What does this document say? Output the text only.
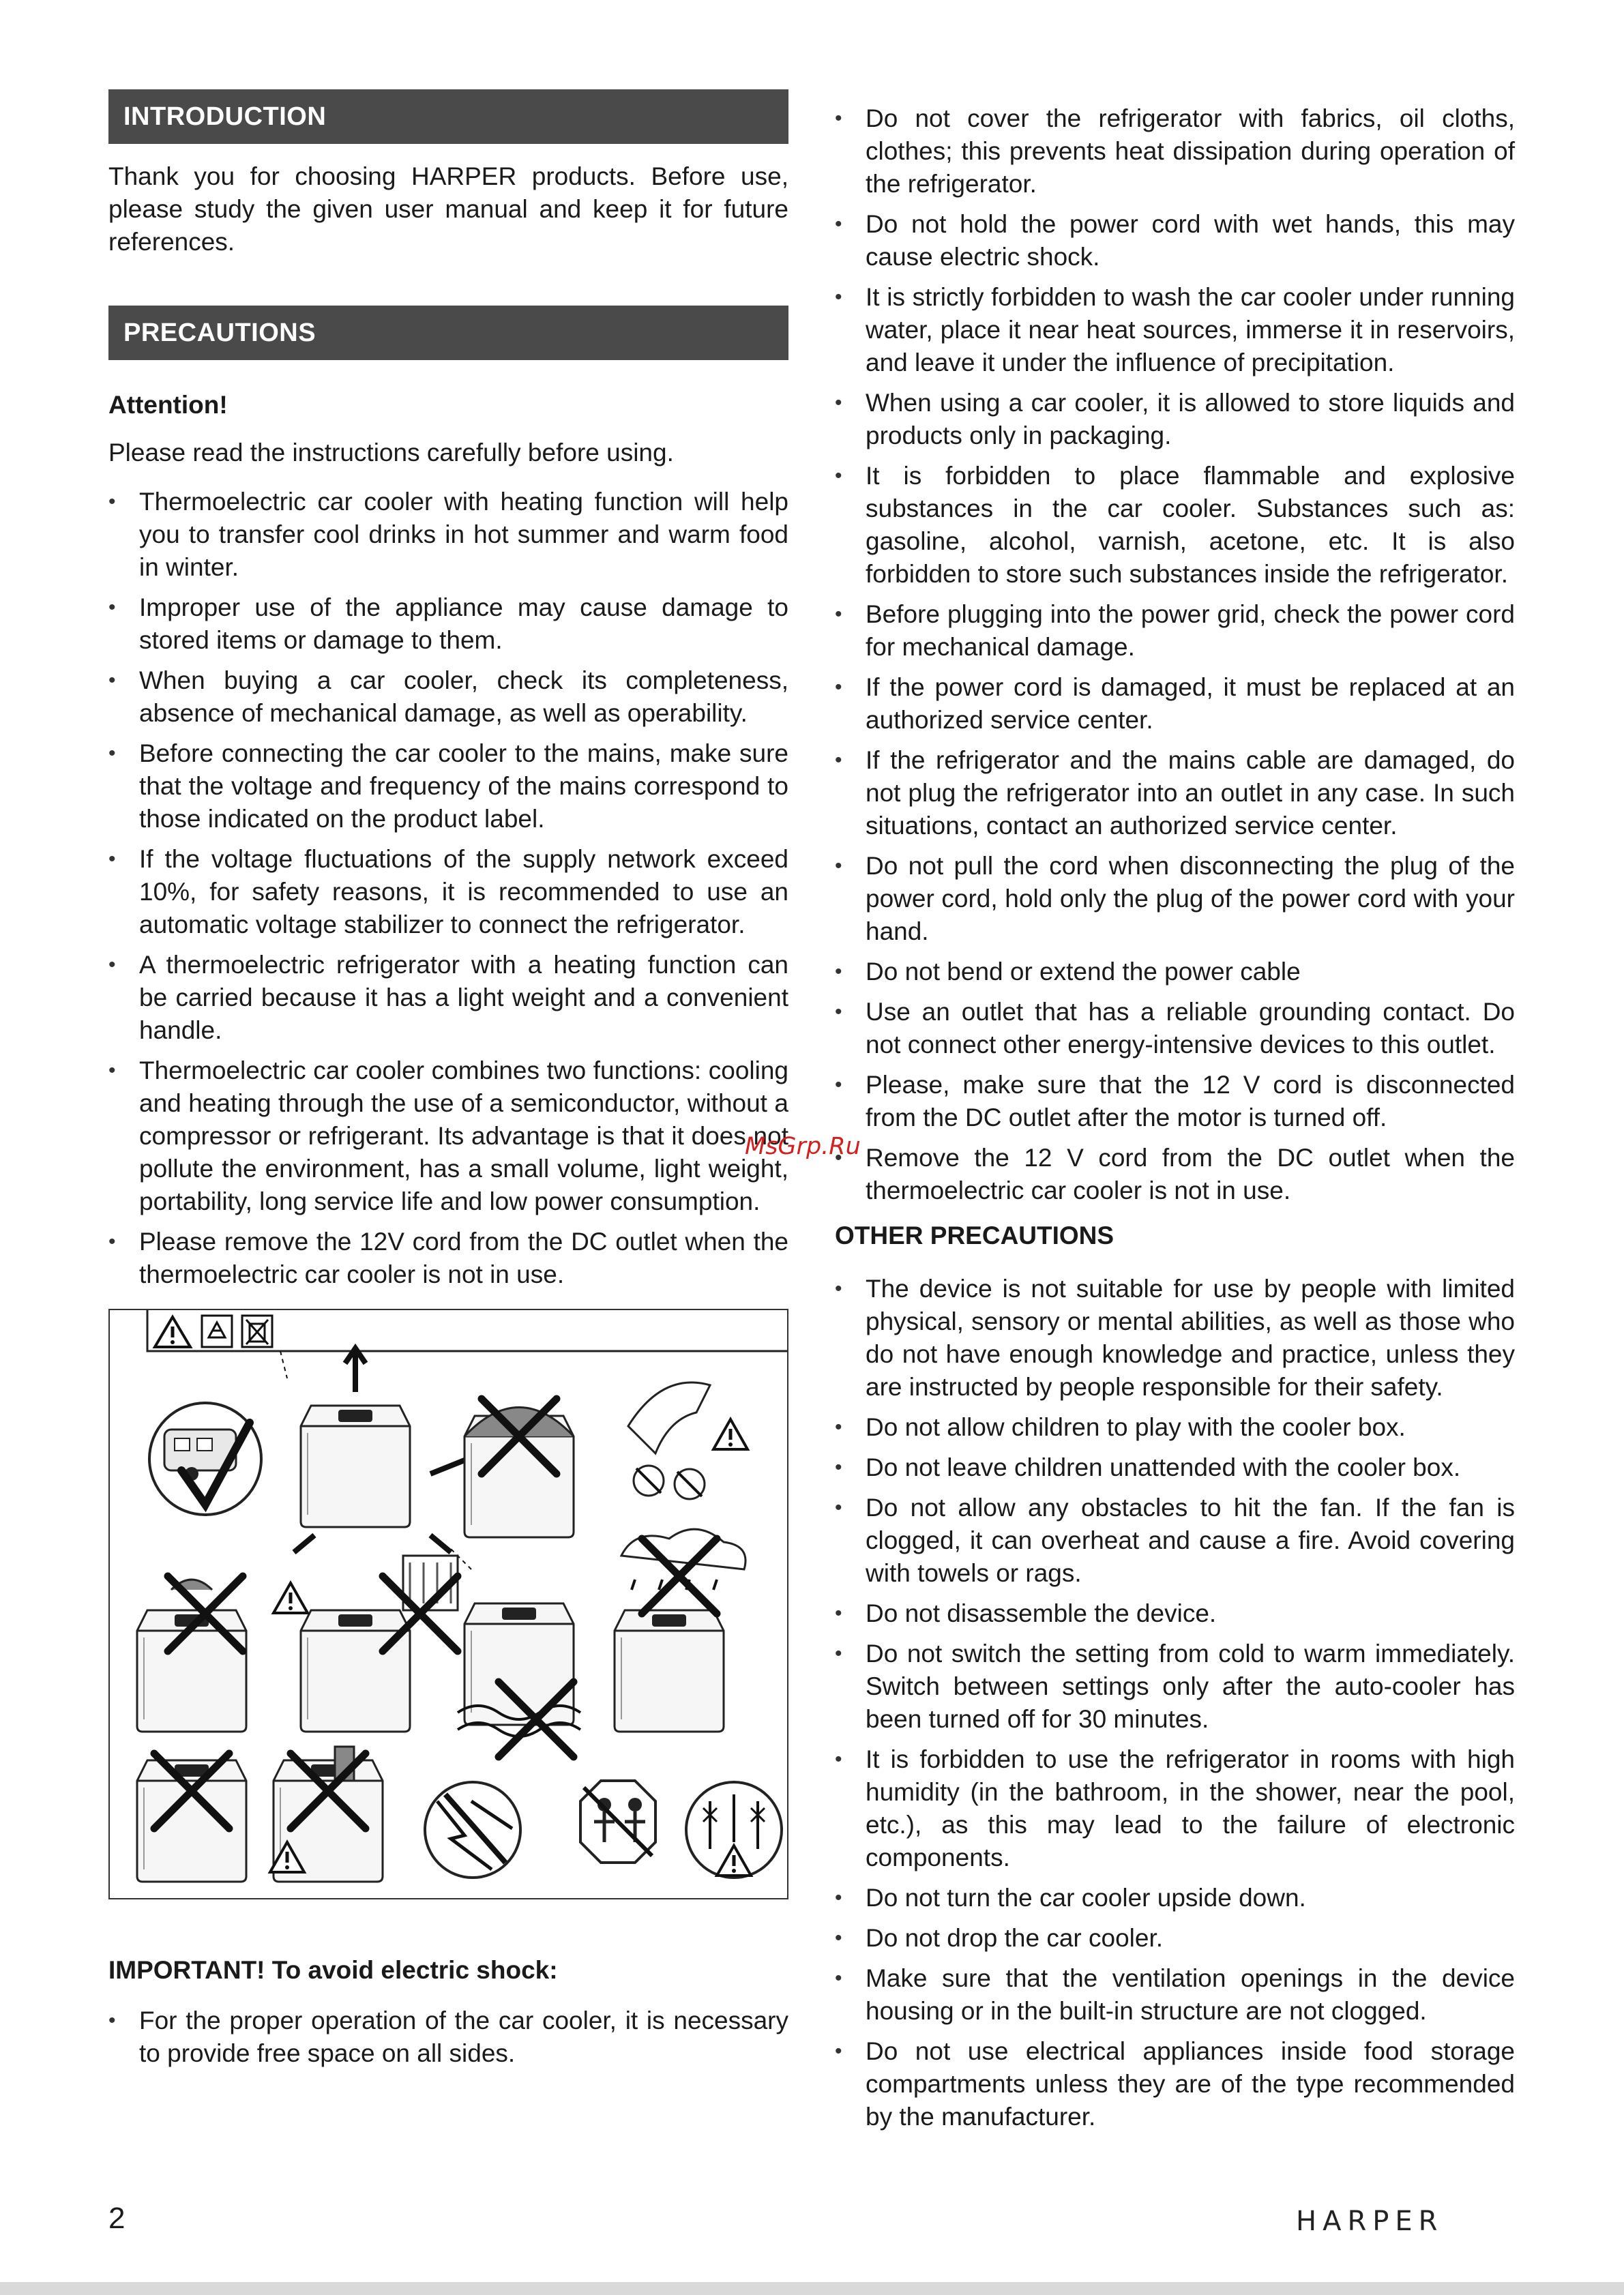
INTRODUCTION

Thank you for choosing HARPER products. Before use, please study the given user manual and keep it for future references.

PRECAUTIONS

Attention!

Please read the instructions carefully before using.

• Thermoelectric car cooler with heating function will help you to transfer cool drinks in hot summer and warm food in winter.
• Improper use of the appliance may cause damage to stored items or damage to them.
• When buying a car cooler, check its completeness, absence of mechanical damage, as well as operability.
• Before connecting the car cooler to the mains, make sure that the voltage and frequency of the mains correspond to those indicated on the product label.
• If the voltage fluctuations of the supply network exceed 10%, for safety reasons, it is recommended to use an automatic voltage stabilizer to connect the refrigerator.
• A thermoelectric refrigerator with a heating function can be carried because it has a light weight and a convenient handle.
• Thermoelectric car cooler combines two functions: cooling and heating through the use of a semiconductor, without a compressor or refrigerant. Its advantage is that it does not pollute the environment, has a small volume, light weight, portability, long service life and low power consumption.
• Please remove the 12V cord from the DC outlet when the thermoelectric car cooler is not in use.

IMPORTANT! To avoid electric shock:

• For the proper operation of the car cooler, it is necessary to provide free space on all sides.
• Do not cover the refrigerator with fabrics, oil cloths, clothes; this prevents heat dissipation during operation of the refrigerator.
• Do not hold the power cord with wet hands, this may cause electric shock.
• It is strictly forbidden to wash the car cooler under running water, place it near heat sources, immerse it in reservoirs, and leave it under the influence of precipitation.
• When using a car cooler, it is allowed to store liquids and products only in packaging.
• It is forbidden to place flammable and explosive substances in the car cooler. Substances such as: gasoline, alcohol, varnish, acetone, etc. It is also forbidden to store such substances inside the refrigerator.
• Before plugging into the power grid, check the power cord for mechanical damage.
• If the power cord is damaged, it must be replaced at an authorized service center.
• If the refrigerator and the mains cable are damaged, do not plug the refrigerator into an outlet in any case. In such situations, contact an authorized service center.
• Do not pull the cord when disconnecting the plug of the power cord, hold only the plug of the power cord with your hand.
• Do not bend or extend the power cable
• Use an outlet that has a reliable grounding contact. Do not connect other energy-intensive devices to this outlet.
• Please, make sure that the 12 V cord is disconnected from the DC outlet after the motor is turned off.
• Remove the 12 V cord from the DC outlet when the thermoelectric car cooler is not in use.

OTHER PRECAUTIONS

• The device is not suitable for use by people with limited physical, sensory or mental abilities, as well as those who do not have enough knowledge and practice, unless they are instructed by people responsible for their safety.
• Do not allow children to play with the cooler box.
• Do not leave children unattended with the cooler box.
• Do not allow any obstacles to hit the fan. If the fan is clogged, it can overheat and cause a fire. Avoid covering with towels or rags.
• Do not disassemble the device.
• Do not switch the setting from cold to warm immediately. Switch between settings only after the auto-cooler has been turned off for 30 minutes.
• It is forbidden to use the refrigerator in rooms with high humidity (in the bathroom, in the shower, near the pool, etc.), as this may lead to the failure of electronic components.
• Do not turn the car cooler upside down.
• Do not drop the car cooler.
• Make sure that the ventilation openings in the device housing or in the built-in structure are not clogged.
• Do not use electrical appliances inside food storage compartments unless they are of the type recommended by the manufacturer.
MsGrp.Ru
2	HARPER
